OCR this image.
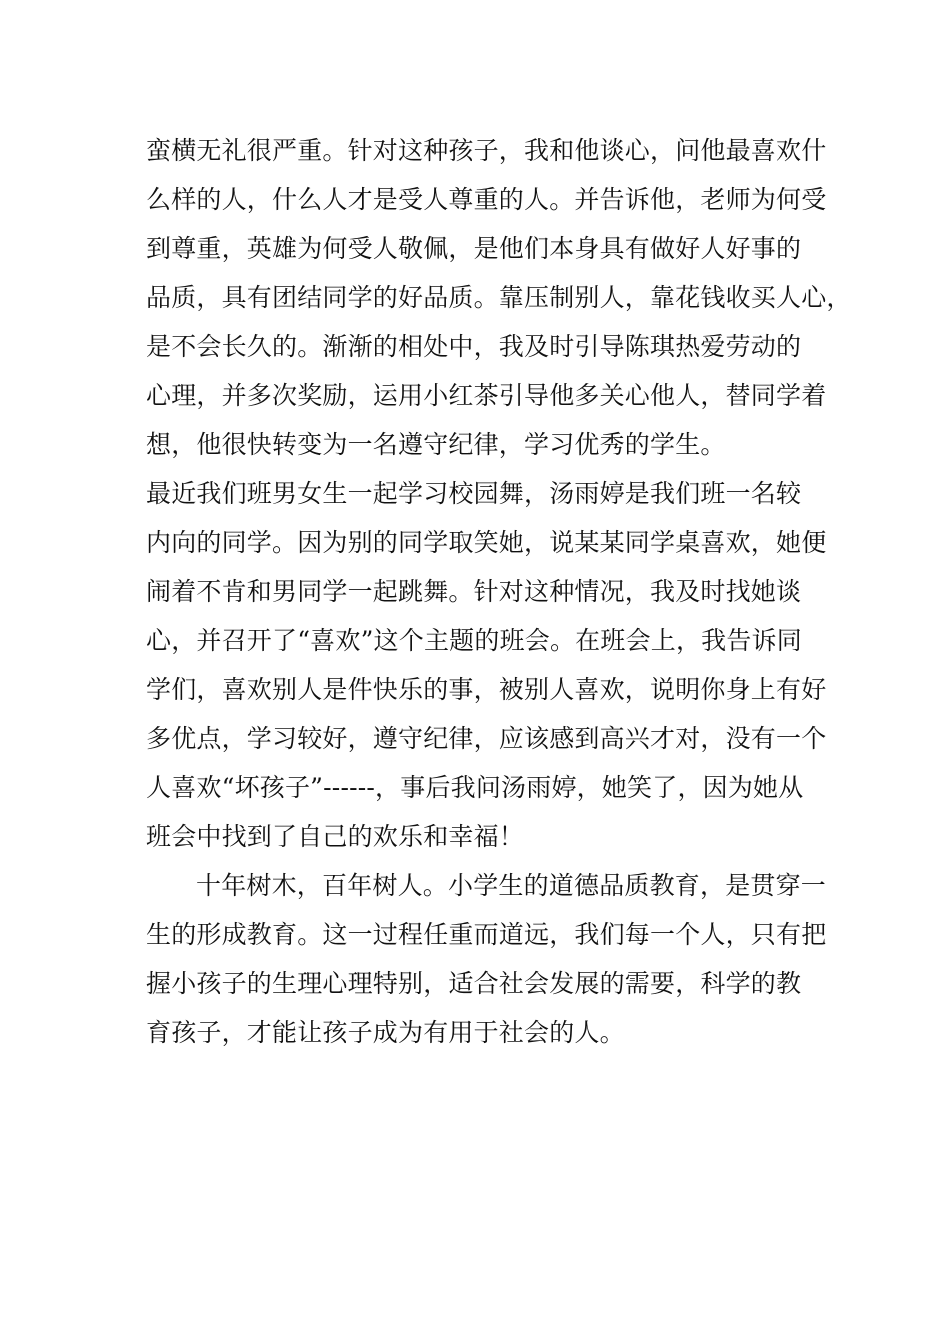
蛮横无礼很严重。针对这种孩子，我和他谈心，问他最喜欢什
么样的人，什么人才是受人尊重的人。并告诉他，老师为何受
到尊重，英雄为何受人敬佩，是他们本身具有做好人好事的
品质，具有团结同学的好品质。靠压制别人，靠花钱收买人心，
是不会长久的。渐渐的相处中，我及时引导陈琪热爱劳动的
心理，并多次奖励，运用小红茶引导他多关心他人，替同学着
想，他很快转变为一名遵守纪律，学习优秀的学生。
最近我们班男女生一起学习校园舞，汤雨婷是我们班一名较
内向的同学。因为别的同学取笑她，说某某同学桌喜欢，她便
闹着不肯和男同学一起跳舞。针对这种情况，我及时找她谈
心，并召开了“喜欢”这个主题的班会。在班会上，我告诉同
学们，喜欢别人是件快乐的事，被别人喜欢，说明你身上有好
多优点，学习较好，遵守纪律，应该感到高兴才对，没有一个
人喜欢“坏孩子”------，事后我问汤雨婷，她笑了，因为她从
班会中找到了自己的欢乐和幸福！
十年树木，百年树人。小学生的道德品质教育，是贯穿一
生的形成教育。这一过程任重而道远，我们每一个人，只有把
握小孩子的生理心理特别，适合社会发展的需要，科学的教
育孩子，才能让孩子成为有用于社会的人。
